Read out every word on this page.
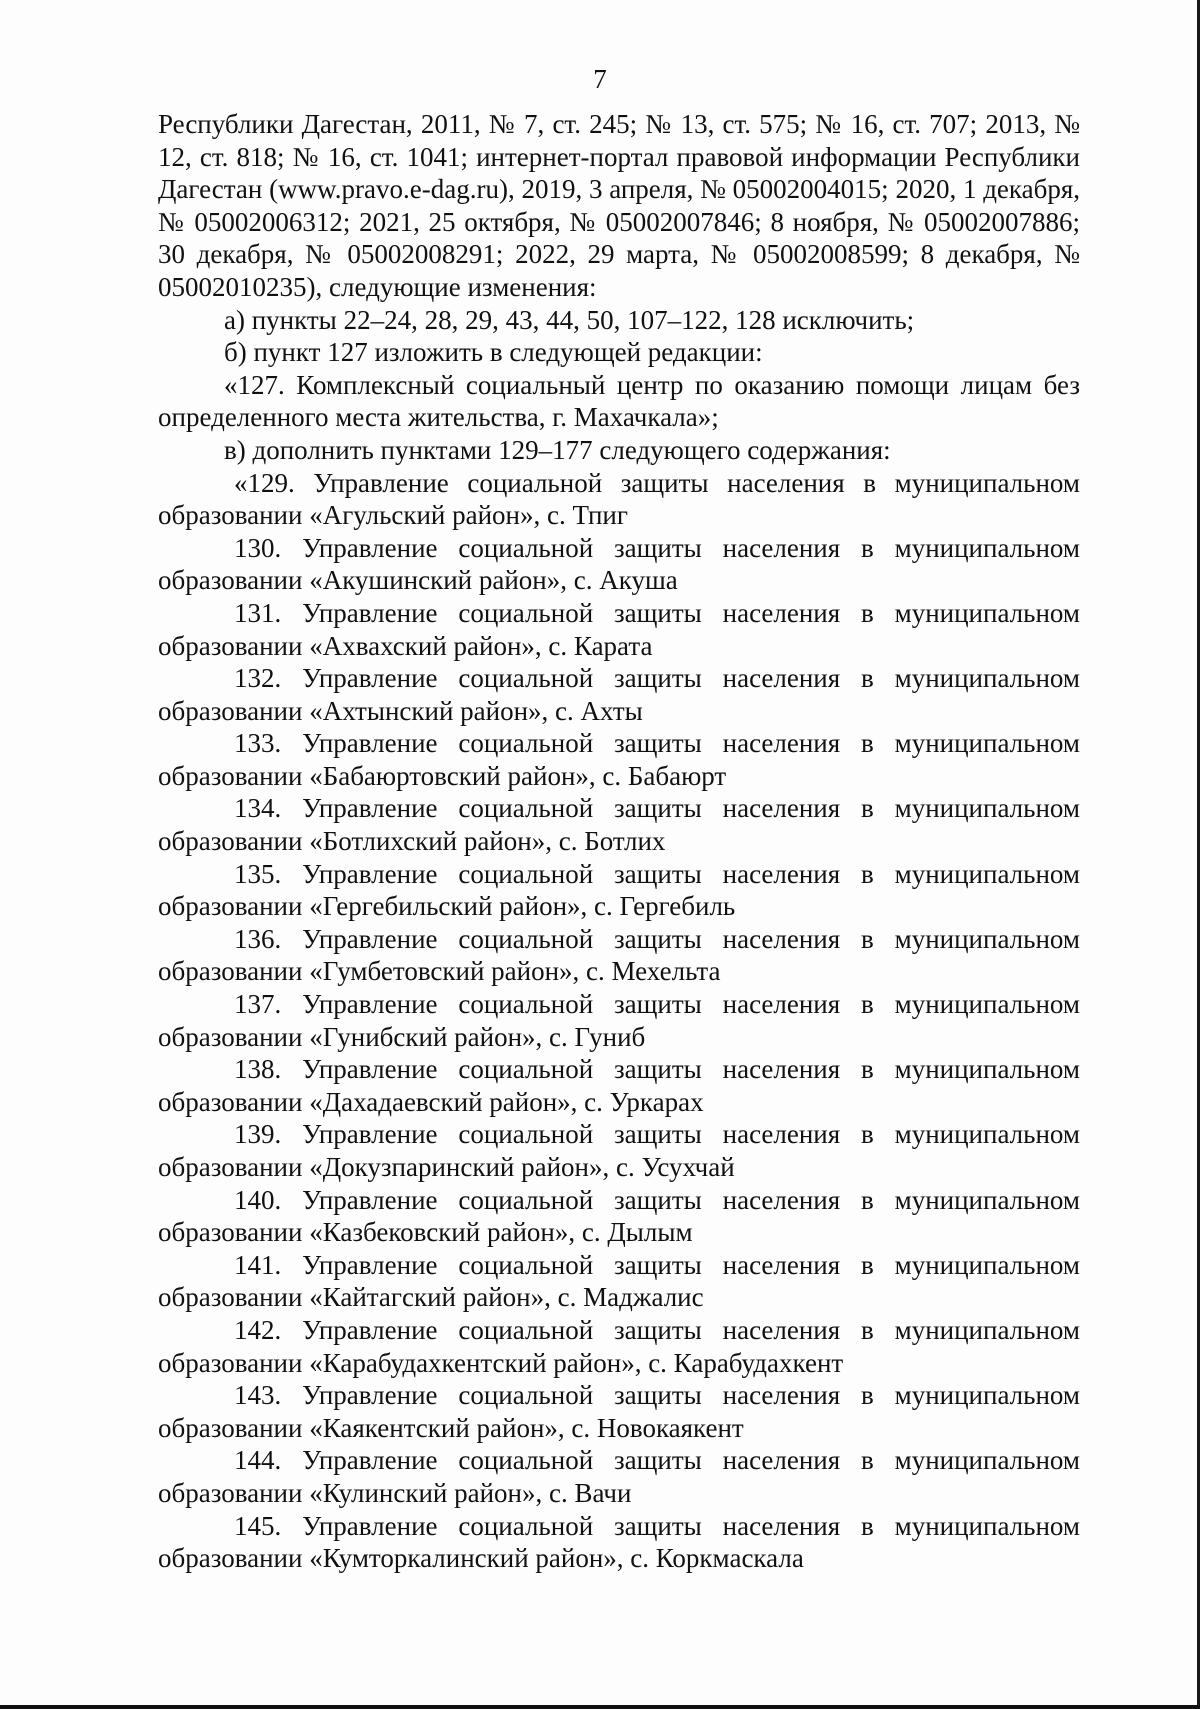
7

Республики Дагестан, 2011, № 7, ст. 245; № 13, ст. 575; № 16, ст. 707; 2013, № 12, ст. 818; № 16, ст. 1041; интернет-портал правовой информации Республики Дагестан (www.pravo.e-dag.ru), 2019, 3 апреля, № 05002004015; 2020, 1 декабря, № 05002006312; 2021, 25 октября, № 05002007846; 8 ноября, № 05002007886; 30 декабря, № 05002008291; 2022, 29 марта, № 05002008599; 8 декабря, № 05002010235), следующие изменения:

а) пункты 22–24, 28, 29, 43, 44, 50, 107–122, 128 исключить;

б) пункт 127 изложить в следующей редакции:

«127. Комплексный социальный центр по оказанию помощи лицам без определенного места жительства, г. Махачкала»;

в) дополнить пунктами 129–177 следующего содержания:

«129. Управление социальной защиты населения в муниципальном образовании «Агульский район», с. Тпиг

130. Управление социальной защиты населения в муниципальном образовании «Акушинский район», с. Акуша

131. Управление социальной защиты населения в муниципальном образовании «Ахвахский район», с. Карата

132. Управление социальной защиты населения в муниципальном образовании «Ахтынский район», с. Ахты

133. Управление социальной защиты населения в муниципальном образовании «Бабаюртовский район», с. Бабаюрт

134. Управление социальной защиты населения в муниципальном образовании «Ботлихский район», с. Ботлих

135. Управление социальной защиты населения в муниципальном образовании «Гергебильский район», с. Гергебиль

136. Управление социальной защиты населения в муниципальном образовании «Гумбетовский район», с. Мехельта

137. Управление социальной защиты населения в муниципальном образовании «Гунибский район», с. Гуниб

138. Управление социальной защиты населения в муниципальном образовании «Дахадаевский район», с. Уркарах

139. Управление социальной защиты населения в муниципальном образовании «Докузпаринский район», с. Усухчай

140. Управление социальной защиты населения в муниципальном образовании «Казбековский район», с. Дылым

141. Управление социальной защиты населения в муниципальном образовании «Кайтагский район», с. Маджалис

142. Управление социальной защиты населения в муниципальном образовании «Карабудахкентский район», с. Карабудахкент

143. Управление социальной защиты населения в муниципальном образовании «Каякентский район», с. Новокаякент

144. Управление социальной защиты населения в муниципальном образовании «Кулинский район», с. Вачи

145. Управление социальной защиты населения в муниципальном образовании «Кумторкалинский район», с. Коркмаскала
